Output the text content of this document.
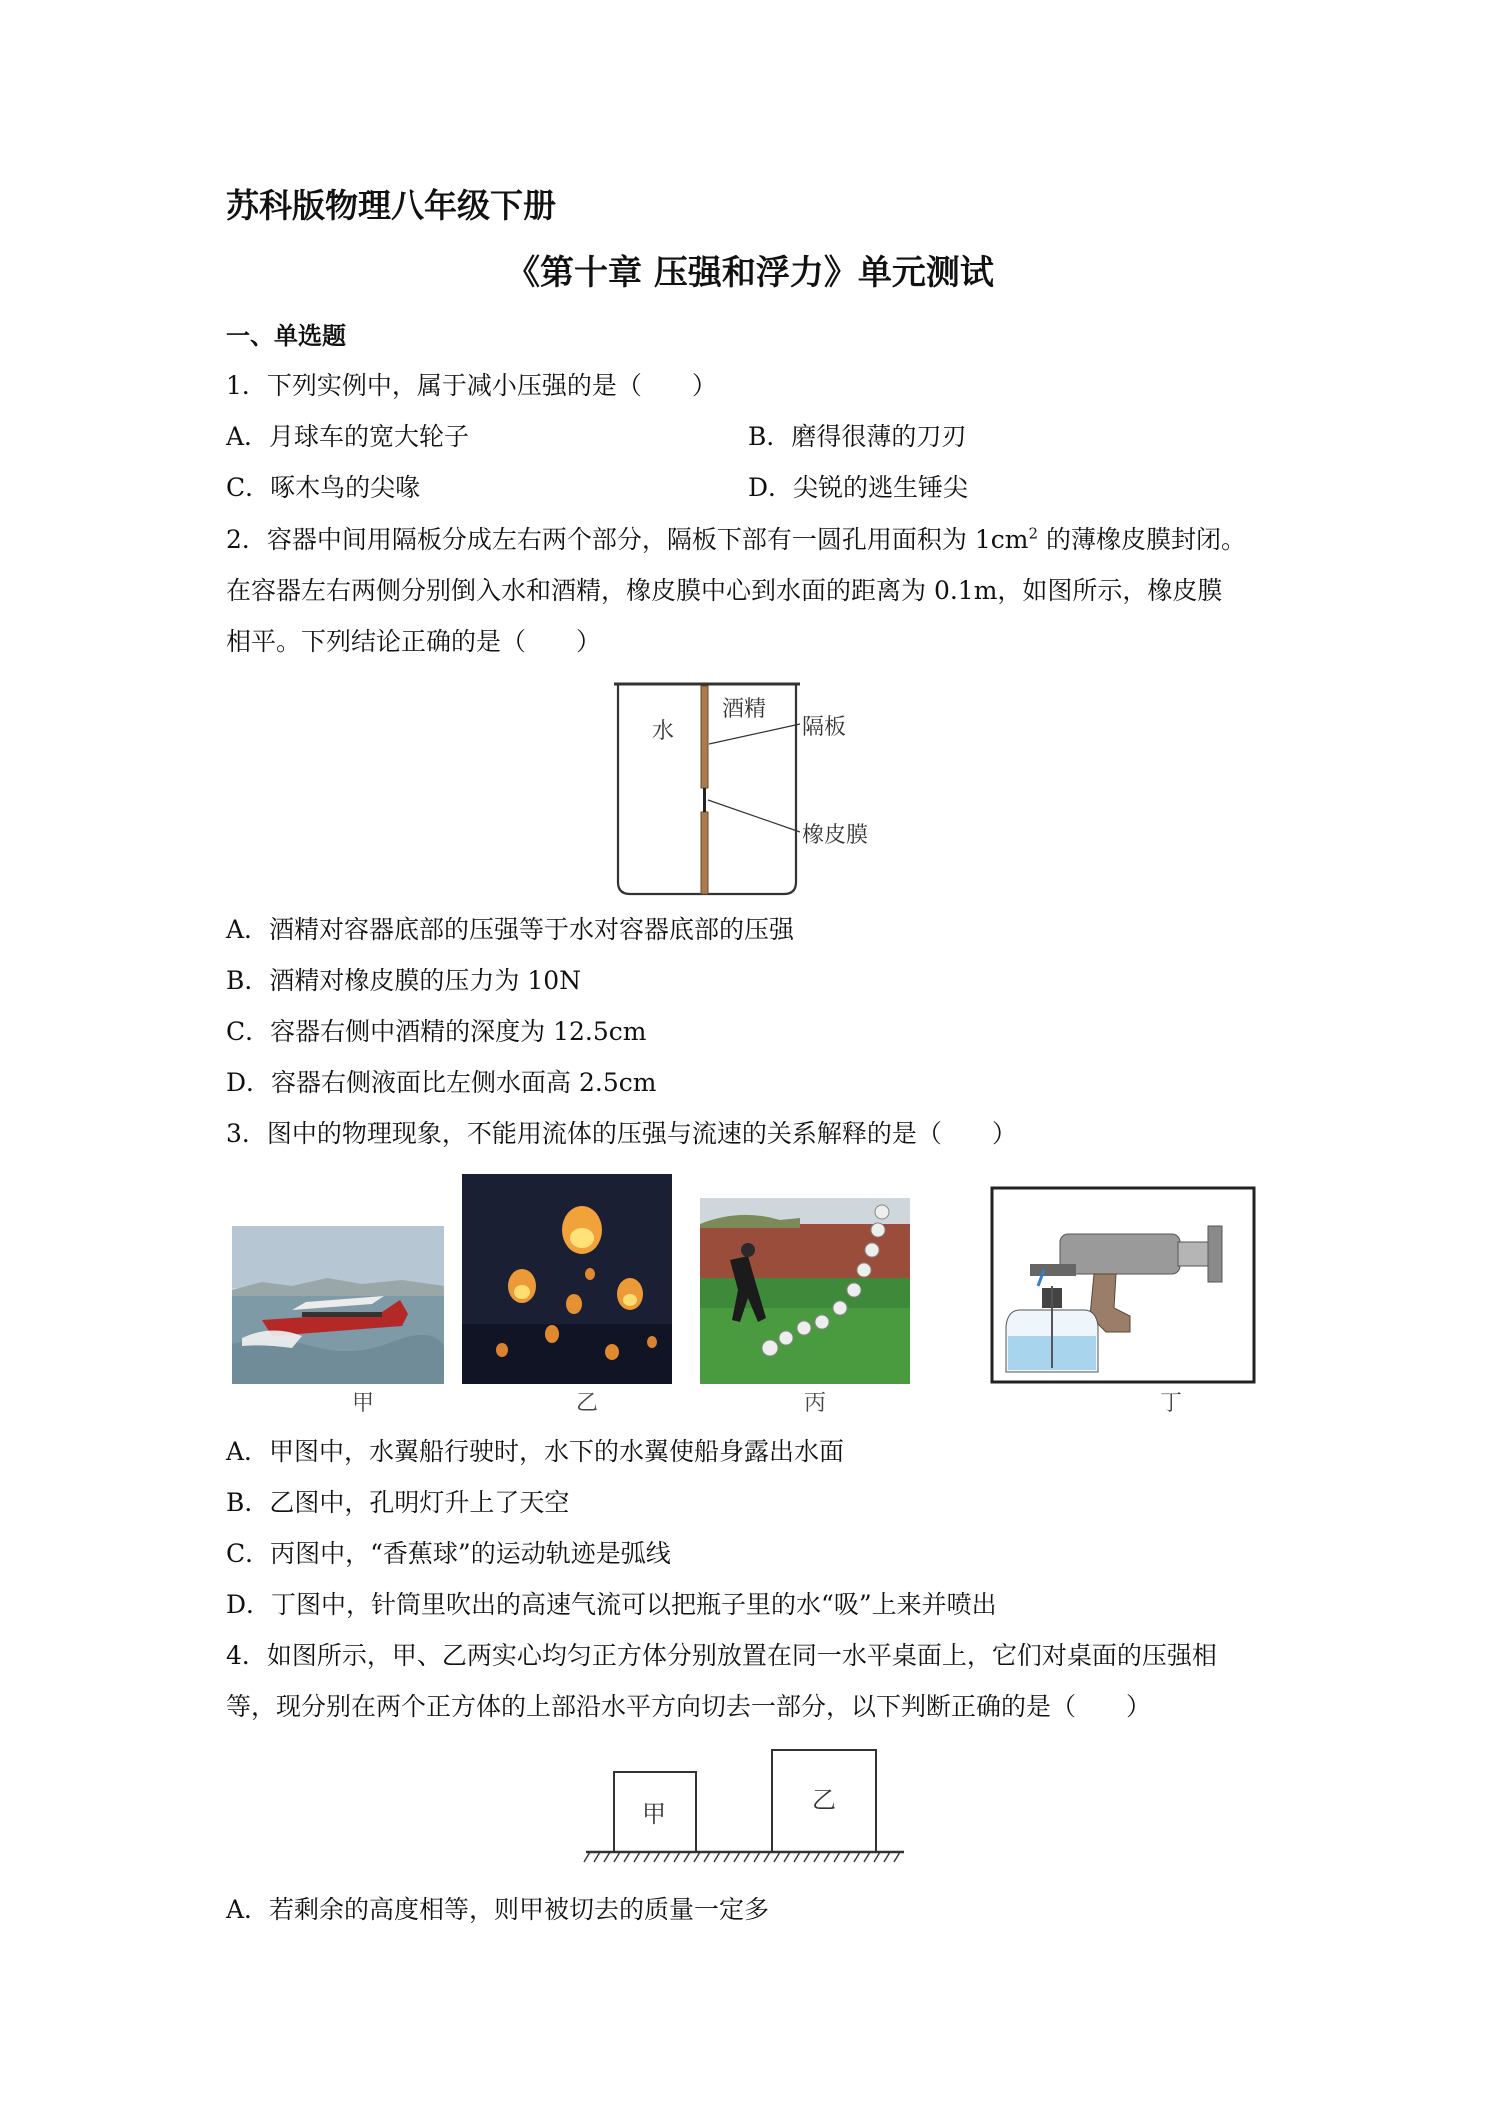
苏科版物理八年级下册
《第十章 压强和浮力》单元测试
一、单选题
1．下列实例中，属于减小压强的是（　　）
A．月球车的宽大轮子	B．磨得很薄的刀刃
C．啄木鸟的尖喙	D．尖锐的逃生锤尖
2．容器中间用隔板分成左右两个部分，隔板下部有一圆孔用面积为 $1cm^2$ 的薄橡皮膜封闭。
在容器左右两侧分别倒入水和酒精，橡皮膜中心到水面的距离为 0.1m，如图所示，橡皮膜
相平。下列结论正确的是（　　）
水
酒精
隔板
橡皮膜
A．酒精对容器底部的压强等于水对容器底部的压强
B．酒精对橡皮膜的压力为 10N
C．容器右侧中酒精的深度为 12.5cm
D．容器右侧液面比左侧水面高 2.5cm
3．图中的物理现象，不能用流体的压强与流速的关系解释的是（　　）
甲	乙	丙	丁
A．甲图中，水翼船行驶时，水下的水翼使船身露出水面
B．乙图中，孔明灯升上了天空
C．丙图中，“香蕉球”的运动轨迹是弧线
D．丁图中，针筒里吹出的高速气流可以把瓶子里的水“吸”上来并喷出
4．如图所示，甲、乙两实心均匀正方体分别放置在同一水平桌面上，它们对桌面的压强相
等，现分别在两个正方体的上部沿水平方向切去一部分，以下判断正确的是（　　）
甲	乙
A．若剩余的高度相等，则甲被切去的质量一定多
